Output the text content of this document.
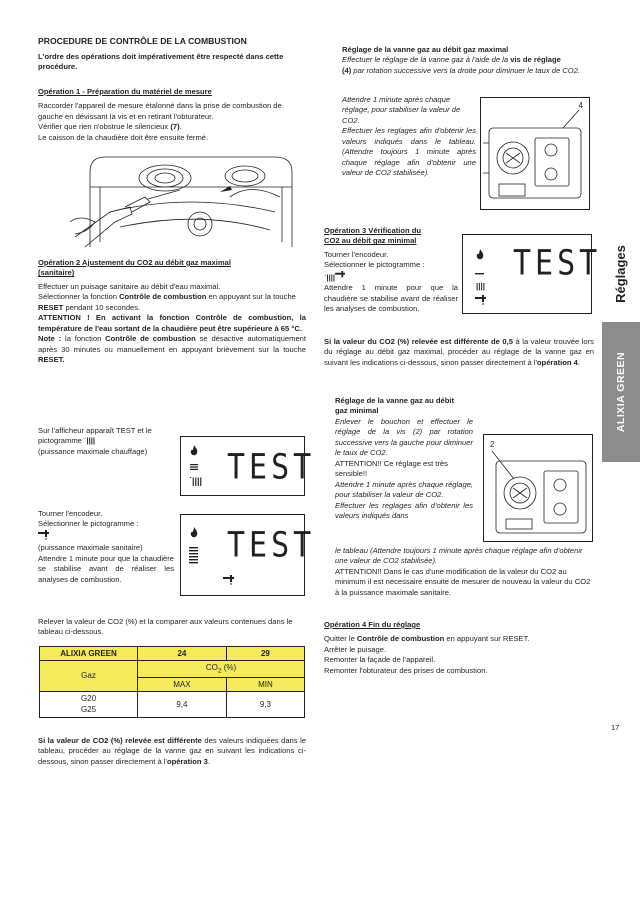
PROCEDURE DE CONTRÔLE DE LA COMBUSTION

L'ordre des opérations doit impérativement être respecté dans cette procédure.

Opération 1 - Préparation du matériel de mesure

Raccorder l'appareil de mesure étalonné dans la prise de combustion de gauche en dévissant la vis et en retirant l'obturateur.

Vérifier que rien n'obstrue le silencieux (7).

Le caisson de la chaudière doit être ensuite fermé.

Opération 2 Ajustement du CO2 au débit gaz maximal
(sanitaire)

Effectuer un puisage sanitaire au débit d'eau maximal.

Sélectionner la fonction Contrôle de combustion en appuyant sur la touche RESET pendant 10 secondes.

ATTENTION ! En activant la fonction Contrôle de combustion, la température de l'eau sortant de la chaudière peut être supérieure à 65 °C.

Note : la fonction Contrôle de combustion se désactive automatiquement après 30 minutes ou manuellement en appuyant brièvement sur la touche RESET.

Sur l'afficheur apparaît TEST et le

pictogramme ˙||||

(puissance maximale chauffage)

˙|||| TEST

Tourner l'encodeur.

Sélectionner le pictogramme :

(puissance maximale sanitaire)

Attendre 1 minute pour que la chaudière se stabilise avant de réaliser les analyses de combustion.

TEST

Relever la valeur de CO2 (%) et la comparer aux valeurs contenues dans le tableau ci-dessous.

ALIXIA GREEN	24	29
Gaz	$CO_2$ (%)	
	MAX	MIN
G20
G25	9,4	9,3

Si la valeur de CO2 (%) relevée est différente des valeurs indiquées dans le tableau, procéder au réglage de la vanne gaz en suivant les indications ci-dessous, sinon passer directement à l'opération 3.

Réglage de la vanne gaz au débit gaz maximal

Effectuer le réglage de la vanne gaz à l'aide de la vis de réglage

(4) par rotation successive vers la droite pour diminuer le taux de CO2.

Attendre 1 minute après chaque réglage, pour stabiliser la valeur de CO2.

Effectuer les reglages afin d'obtenir les valeurs indiqués dans le tableau. (Attendre toujours 1 minute après chaque réglage afin d'obtenir une valeur de CO2 stabilisée).

4

Opération 3 Vérification du
CO2 au débit gaz minimal

Tourner l'encodeur.

Sélectionner le pictogramme :

˙||||

Attendre 1 minute pour que la chaudière se stabilise avant de réaliser les analyses de combustion.

||||
TEST

Si la valeur du CO2 (%) relevée est différente de 0,5 à la valeur trouvée lors du réglage au débit gaz maximal, procéder au réglage de la vanne gaz en suivant les indications ci-dessous, sinon passer directement à l'opération 4.

Réglage de la vanne gaz au débit
gaz minimal

Enlever le bouchon et effectuer le réglage de la vis (2) par rotation successive vers la gauche pour diminuer le taux de CO2.

ATTENTION!! Ce réglage est très sensible!!

Attendre 1 minute après chaque réglage, pour stabiliser la valeur de CO2.

Effectuer les reglages afin d'obtenir les valeurs indiqués dans

le tableau (Attendre toujours 1 minute après chaque réglage afin d'obtenir une valeur de CO2 stabilisée).

ATTENTION!! Dans le cas d'une modification de la valeur du CO2 au minimum il est necessaire ensuite de mesurer de nouveau la valeur du CO2 à la puissance maximale sanitaire.

2

Opération 4 Fin du réglage

Quitter le Contrôle de combustion en appuyant sur RESET.

Arrêter le puisage.

Remonter la façade de l'appareil.

Remonter l'obturateur des prises de combustion.

Réglages
ALIXIA GREEN
17
